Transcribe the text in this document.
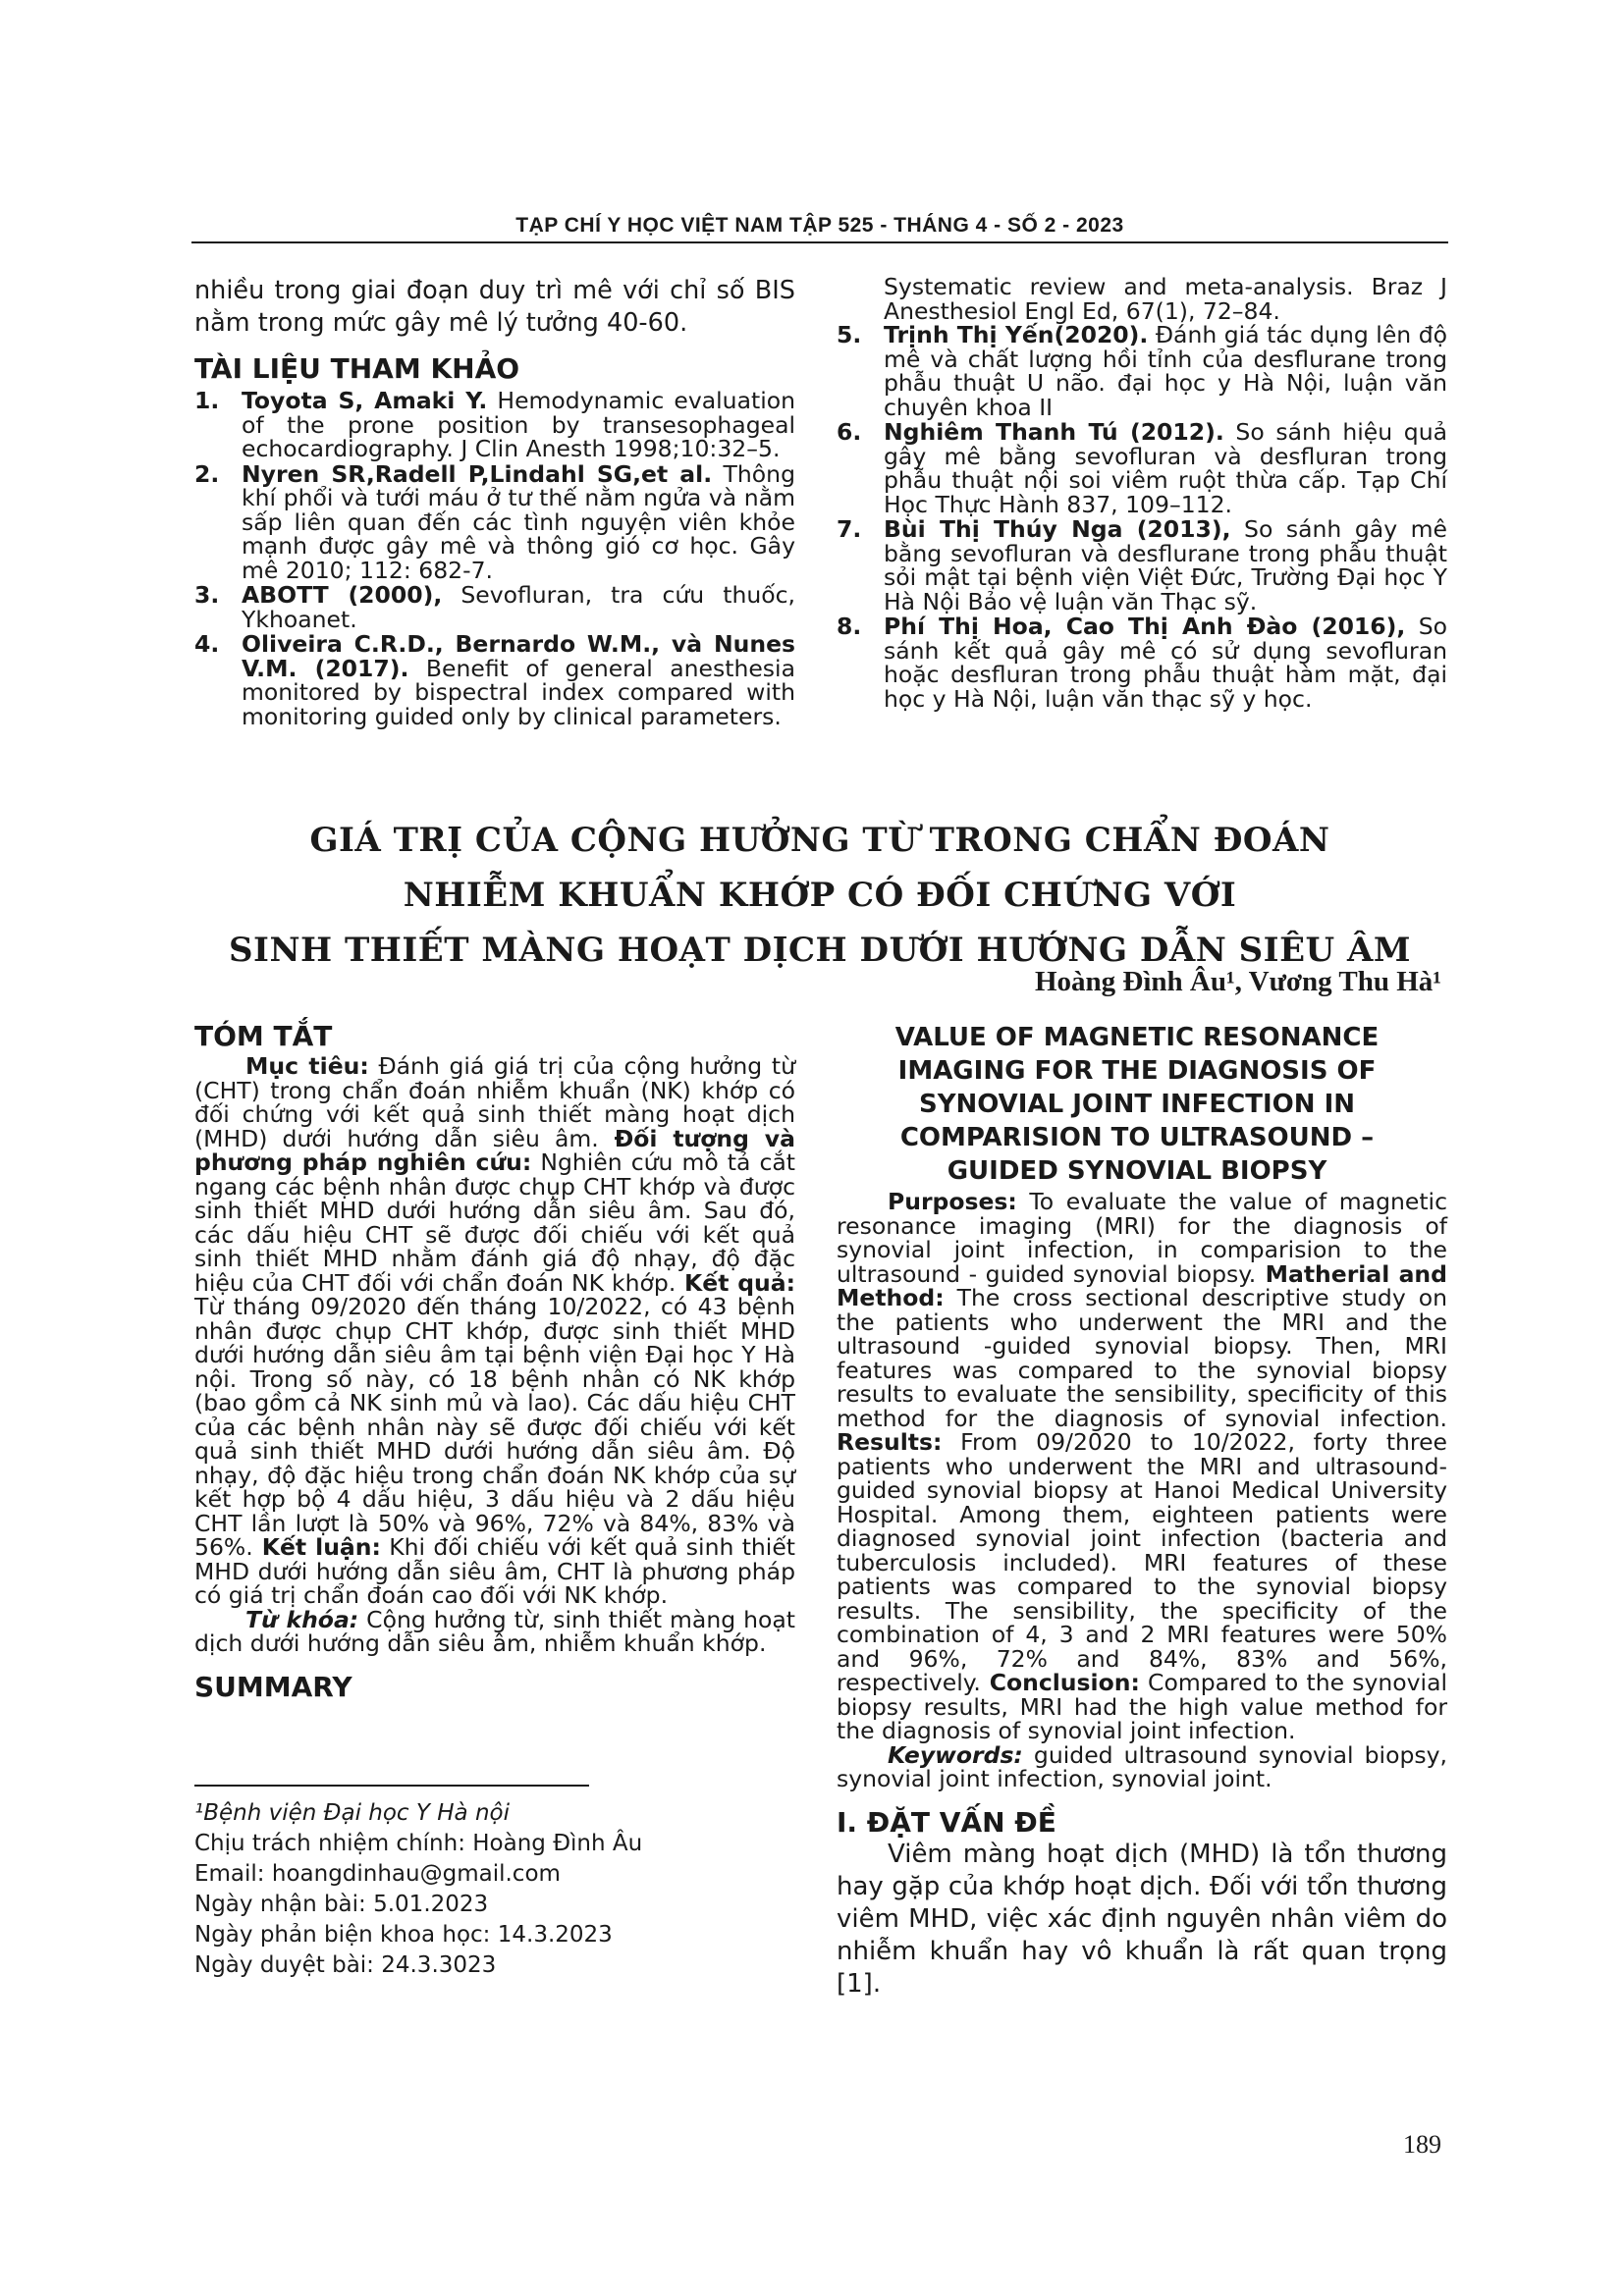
TẠP CHÍ Y HỌC VIỆT NAM TẬP 525 - THÁNG 4 - SỐ 2 - 2023

nhiều trong giai đoạn duy trì mê với chỉ số BIS nằm trong mức gây mê lý tưởng 40-60.

TÀI LIỆU THAM KHẢO

1. Toyota S, Amaki Y. Hemodynamic evaluation of the prone position by transesophageal echocardiography. J Clin Anesth 1998;10:32–5.
2. Nyren SR,Radell P,Lindahl SG,et al. Thông khí phổi và tưới máu ở tư thế nằm ngửa và nằm sấp liên quan đến các tình nguyện viên khỏe mạnh được gây mê và thông gió cơ học. Gây mê 2010; 112: 682-7.
3. ABOTT (2000), Sevofluran, tra cứu thuốc, Ykhoanet.
4. Oliveira C.R.D., Bernardo W.M., và Nunes V.M. (2017). Benefit of general anesthesia monitored by bispectral index compared with monitoring guided only by clinical parameters.

Systematic review and meta-analysis. Braz J Anesthesiol Engl Ed, 67(1), 72–84.

5. Trịnh Thị Yến(2020). Đánh giá tác dụng lên độ mê và chất lượng hồi tỉnh của desflurane trong phẫu thuật U não. đại học y Hà Nội, luận văn chuyên khoa II
6. Nghiêm Thanh Tú (2012). So sánh hiệu quả gây mê bằng sevofluran và desfluran trong phẫu thuật nội soi viêm ruột thừa cấp. Tạp Chí Học Thực Hành 837, 109–112.
7. Bùi Thị Thúy Nga (2013), So sánh gây mê bằng sevofluran và desflurane trong phẫu thuật sỏi mật tại bệnh viện Việt Đức, Trường Đại học Y Hà Nội Bảo vệ luận văn Thạc sỹ.
8. Phí Thị Hoa, Cao Thị Anh Đào (2016), So sánh kết quả gây mê có sử dụng sevofluran hoặc desfluran trong phẫu thuật hàm mặt, đại học y Hà Nội, luận văn thạc sỹ y học.
GIÁ TRỊ CỦA CỘNG HƯỞNG TỪ TRONG CHẨN ĐOÁN
NHIỄM KHUẨN KHỚP CÓ ĐỐI CHỨNG VỚI
SINH THIẾT MÀNG HOẠT DỊCH DƯỚI HƯỚNG DẪN SIÊU ÂM
Hoàng Đình Âu¹, Vương Thu Hà¹

TÓM TẮT

Mục tiêu: Đánh giá giá trị của cộng hưởng từ (CHT) trong chẩn đoán nhiễm khuẩn (NK) khớp có đối chứng với kết quả sinh thiết màng hoạt dịch (MHD) dưới hướng dẫn siêu âm. Đối tượng và phương pháp nghiên cứu: Nghiên cứu mô tả cắt ngang các bệnh nhân được chụp CHT khớp và được sinh thiết MHD dưới hướng dẫn siêu âm. Sau đó, các dấu hiệu CHT sẽ được đối chiếu với kết quả sinh thiết MHD nhằm đánh giá độ nhạy, độ đặc hiệu của CHT đối với chẩn đoán NK khớp. Kết quả: Từ tháng 09/2020 đến tháng 10/2022, có 43 bệnh nhân được chụp CHT khớp, được sinh thiết MHD dưới hướng dẫn siêu âm tại bệnh viện Đại học Y Hà nội. Trong số này, có 18 bệnh nhân có NK khớp (bao gồm cả NK sinh mủ và lao). Các dấu hiệu CHT của các bệnh nhân này sẽ được đối chiếu với kết quả sinh thiết MHD dưới hướng dẫn siêu âm. Độ nhạy, độ đặc hiệu trong chẩn đoán NK khớp của sự kết hợp bộ 4 dấu hiệu, 3 dấu hiệu và 2 dấu hiệu CHT lần lượt là 50% và 96%, 72% và 84%, 83% và 56%. Kết luận: Khi đối chiếu với kết quả sinh thiết MHD dưới hướng dẫn siêu âm, CHT là phương pháp có giá trị chẩn đoán cao đối với NK khớp.

Từ khóa: Cộng hưởng từ, sinh thiết màng hoạt dịch dưới hướng dẫn siêu âm, nhiễm khuẩn khớp.

SUMMARY

VALUE OF MAGNETIC RESONANCE
IMAGING FOR THE DIAGNOSIS OF
SYNOVIAL JOINT INFECTION IN
COMPARISION TO ULTRASOUND –
GUIDED SYNOVIAL BIOPSY

Purposes: To evaluate the value of magnetic resonance imaging (MRI) for the diagnosis of synovial joint infection, in comparision to the ultrasound - guided synovial biopsy. Matherial and Method: The cross sectional descriptive study on the patients who underwent the MRI and the ultrasound -guided synovial biopsy. Then, MRI features was compared to the synovial biopsy results to evaluate the sensibility, specificity of this method for the diagnosis of synovial infection. Results: From 09/2020 to 10/2022, forty three patients who underwent the MRI and ultrasound-guided synovial biopsy at Hanoi Medical University Hospital. Among them, eighteen patients were diagnosed synovial joint infection (bacteria and tuberculosis included). MRI features of these patients was compared to the synovial biopsy results. The sensibility, the specificity of the combination of 4, 3 and 2 MRI features were 50% and 96%, 72% and 84%, 83% and 56%, respectively. Conclusion: Compared to the synovial biopsy results, MRI had the high value method for the diagnosis of synovial joint infection.

Keywords: guided ultrasound synovial biopsy, synovial joint infection, synovial joint.

I. ĐẶT VẤN ĐỀ

Viêm màng hoạt dịch (MHD) là tổn thương hay gặp của khớp hoạt dịch. Đối với tổn thương viêm MHD, việc xác định nguyên nhân viêm do nhiễm khuẩn hay vô khuẩn là rất quan trọng [1].

¹Bệnh viện Đại học Y Hà nội

Chịu trách nhiệm chính: Hoàng Đình Âu

Email: hoangdinhau@gmail.com

Ngày nhận bài: 5.01.2023

Ngày phản biện khoa học: 14.3.2023

Ngày duyệt bài: 24.3.3023

189
